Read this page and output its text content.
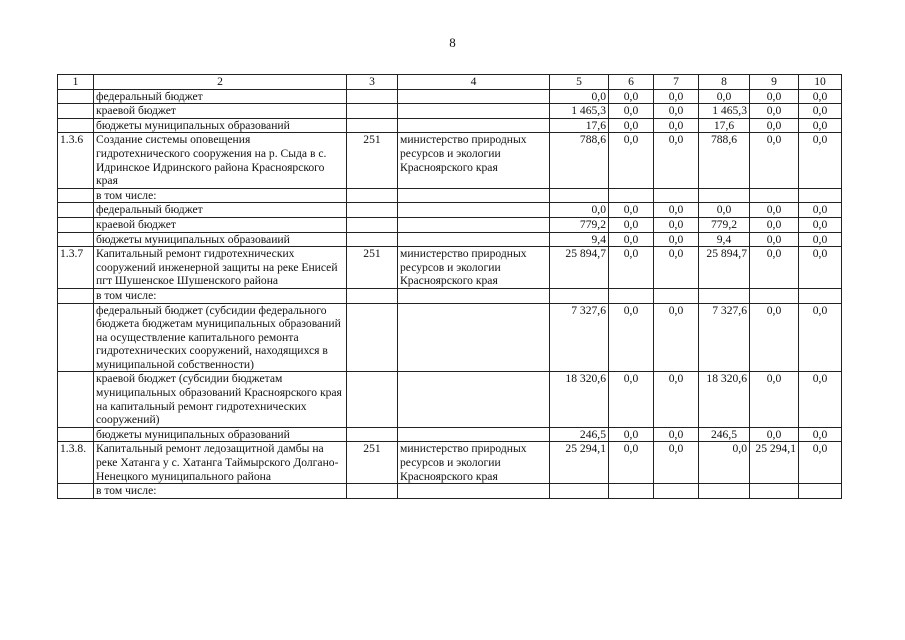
8
1	2	3	4	5	6	7	8	9	10
	федеральный бюджет			0,0	0,0	0,0	0,0	0,0	0,0
	краевой бюджет			1 465,3	0,0	0,0	1 465,3	0,0	0,0
	бюджеты муниципальных образований			17,6	0,0	0,0	17,6	0,0	0,0
1.3.6	Создание системы оповещения гидротехнического сооружения на р. Сыда в с. Идринское Идринского района Красноярского края	251	министерство природных ресурсов и экологии Красноярского края	788,6	0,0	0,0	788,6	0,0	0,0
	в том числе:								
	федеральный бюджет			0,0	0,0	0,0	0,0	0,0	0,0
	краевой бюджет			779,2	0,0	0,0	779,2	0,0	0,0
	бюджеты муниципальных образоваиий			9,4	0,0	0,0	9,4	0,0	0,0
1.3.7	Капитальный ремонт гидротехнических сооружений инженерной защиты на реке Енисей пгт Шушенское Шушенского района	251	министерство природных ресурсов и экологии Красноярского края	25 894,7	0,0	0,0	25 894,7	0,0	0,0
	в том числе:								
	федеральный бюджет (субсидии федерального бюджета бюджетам муниципальных образований на осуществление капитального ремонта гидротехнических сооружений, находящихся в муниципальной собственности)			7 327,6	0,0	0,0	7 327,6	0,0	0,0
	краевой бюджет (субсидии бюджетам муниципальных образований Красноярского края на капитальный ремонт гидротехнических сооружений)			18 320,6	0,0	0,0	18 320,6	0,0	0,0
	бюджеты муниципальных образований			246,5	0,0	0,0	246,5	0,0	0,0
1.3.8.	Капитальный ремонт ледозащитной дамбы на реке Хатанга у с. Хатанга Таймырского Долгано-Ненецкого муниципального района	251	министерство природных ресурсов и экологии Красноярского края	25 294,1	0,0	0,0	0,0	25 294,1	0,0
	в том числе:								
